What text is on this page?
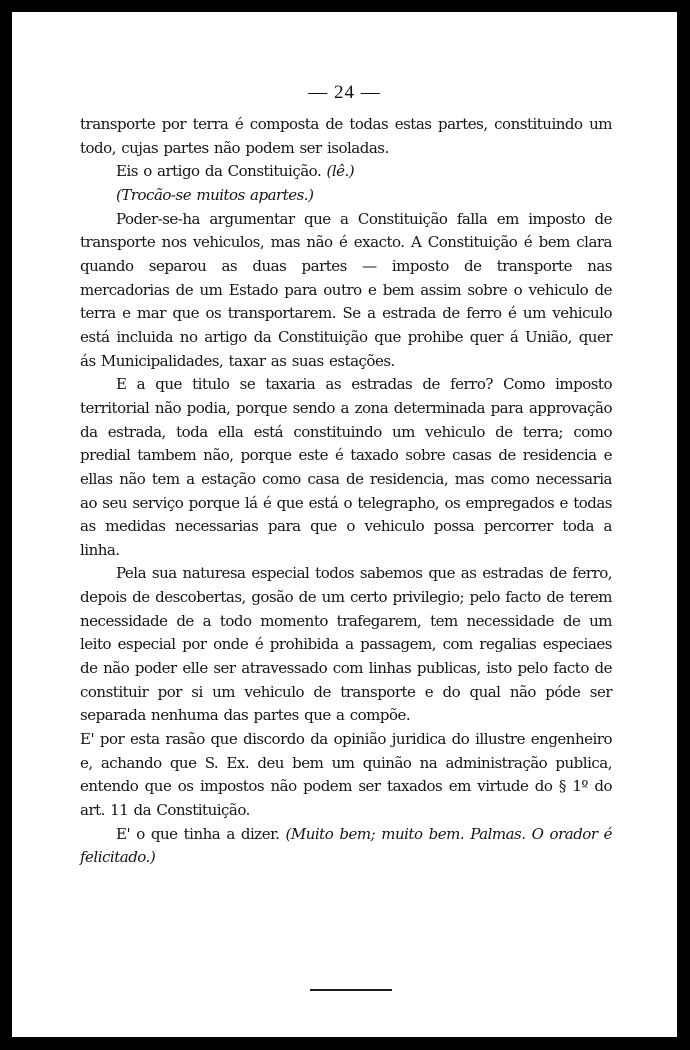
— 24 —

transporte por terra é composta de todas estas partes, constituindo um todo, cujas partes não podem ser isoladas.

Eis o artigo da Constituição. (lê.)

(Trocão-se muitos apartes.)

Poder-se-ha argumentar que a Constituição falla em imposto de transporte nos vehiculos, mas não é exacto. A Constituição é bem clara quando separou as duas partes — imposto de transporte nas mercadorias de um Estado para outro e bem assim sobre o vehiculo de terra e mar que os transportarem. Se a estrada de ferro é um vehiculo está incluida no artigo da Constituição que prohibe quer á União, quer ás Municipalidades, taxar as suas estações.

E a que titulo se taxaria as estradas de ferro? Como imposto territorial não podia, porque sendo a zona determinada para approvação da estrada, toda ella está constituindo um vehiculo de terra; como predial tambem não, porque este é taxado sobre casas de residencia e ellas não tem a estação como casa de residencia, mas como necessaria ao seu serviço porque lá é que está o telegrapho, os empregados e todas as medidas necessarias para que o vehiculo possa percorrer toda a linha.

Pela sua naturesa especial todos sabemos que as estradas de ferro, depois de descobertas, gosão de um certo privilegio; pelo facto de terem necessidade de a todo momento trafegarem, tem necessidade de um leito especial por onde é prohibida a passagem, com regalias especiaes de não poder elle ser atravessado com linhas publicas, isto pelo facto de constituir por si um vehiculo de transporte e do qual não póde ser separada nenhuma das partes que a compõe.

E' por esta rasão que discordo da opinião juridica do illustre engenheiro e, achando que S. Ex. deu bem um quinão na administração publica, entendo que os impostos não podem ser taxados em virtude do § 1º do art. 11 da Constituição.

E' o que tinha a dizer. (Muito bem; muito bem. Palmas. O orador é felicitado.)
